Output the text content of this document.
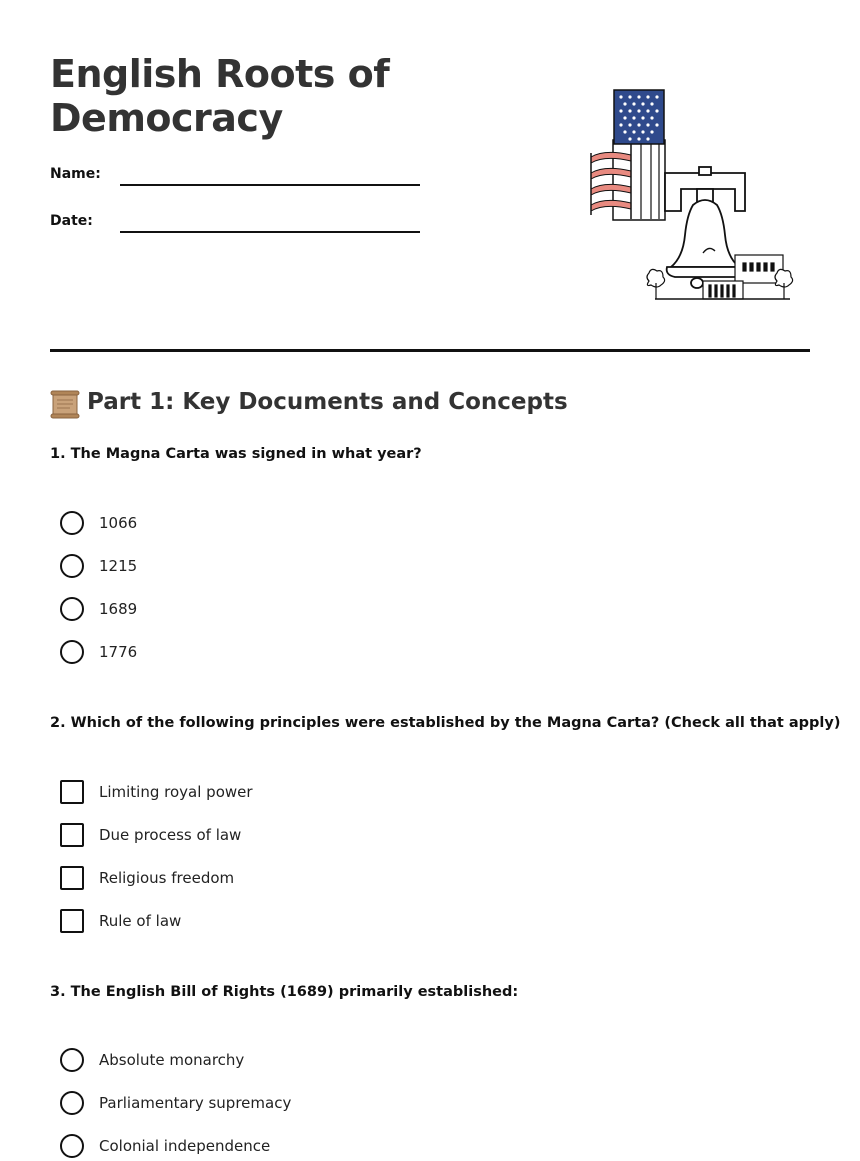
English Roots of Democracy
Name:
Date:
Part 1: Key Documents and Concepts
1. The Magna Carta was signed in what year?
1066
1215
1689
1776
2. Which of the following principles were established by the Magna Carta? (Check all that apply)
Limiting royal power
Due process of law
Religious freedom
Rule of law
3. The English Bill of Rights (1689) primarily established:
Absolute monarchy
Parliamentary supremacy
Colonial independence
